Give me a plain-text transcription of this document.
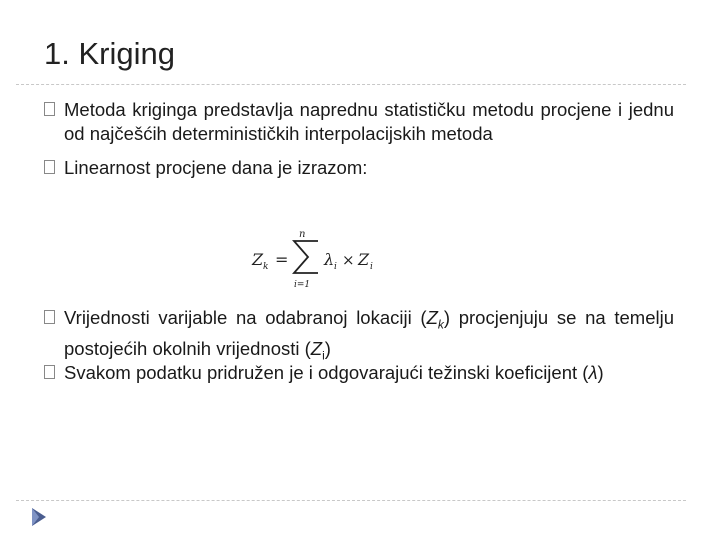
1. Kriging
Metoda kriginga predstavlja naprednu statističku metodu procjene i jednu od najčešćih determinističkih interpolacijskih metoda
Linearnost procjene dana je izrazom:
Z k =
n
i=1
λ i × Z i
Vrijednosti varijable na odabranoj lokaciji $(Z_k)$ procjenjuju se na temelju postojećih okolnih vrijednosti $(Z_i)$
Svakom podatku pridružen je i odgovarajući težinski koeficijent (λ)
